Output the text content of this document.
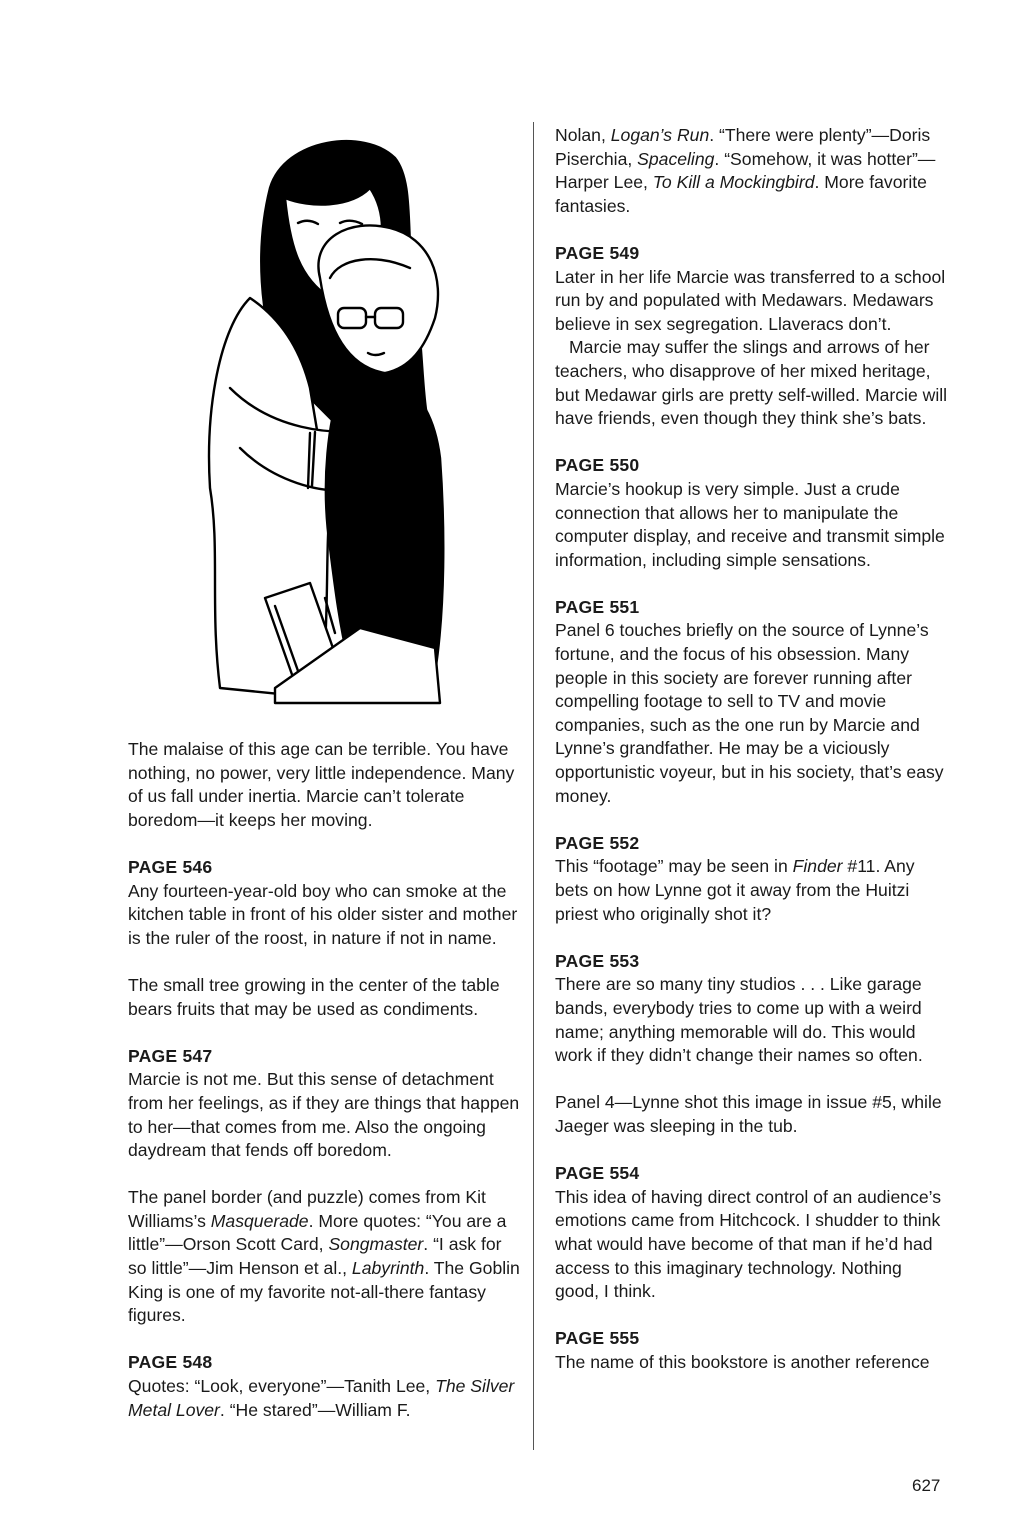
The malaise of this age can be terrible. You have nothing, no power, very little independence. Many of us fall under inertia. Marcie can’t tolerate boredom—it keeps her moving.

PAGE 546

Any fourteen-year-old boy who can smoke at the kitchen table in front of his older sister and mother is the ruler of the roost, in nature if not in name.

The small tree growing in the center of the table bears fruits that may be used as condiments.

PAGE 547

Marcie is not me. But this sense of detachment from her feelings, as if they are things that happen to her—that comes from me. Also the ongoing daydream that fends off boredom.

The panel border (and puzzle) comes from Kit Williams’s Masquerade. More quotes: “You are a little”—Orson Scott Card, Songmaster. “I ask for so little”—Jim Henson et al., Labyrinth. The Goblin King is one of my favorite not-all-there fantasy figures.

PAGE 548

Quotes: “Look, everyone”—Tanith Lee, The Silver Metal Lover. “He stared”—William F.

Nolan, Logan’s Run. “There were plenty”—Doris Piserchia, Spaceling. “Somehow, it was hotter”—Harper Lee, To Kill a Mockingbird. More favorite fantasies.

PAGE 549

Later in her life Marcie was transferred to a school run by and populated with Medawars. Medawars believe in sex segregation. Llaveracs don’t.

Marcie may suffer the slings and arrows of her teachers, who disapprove of her mixed heritage, but Medawar girls are pretty self-willed. Marcie will have friends, even though they think she’s bats.

PAGE 550

Marcie’s hookup is very simple. Just a crude connection that allows her to manipulate the computer display, and receive and transmit simple information, including simple sensations.

PAGE 551

Panel 6 touches briefly on the source of Lynne’s fortune, and the focus of his obsession. Many people in this society are forever running after compelling footage to sell to TV and movie companies, such as the one run by Marcie and Lynne’s grandfather. He may be a viciously opportunistic voyeur, but in his society, that’s easy money.

PAGE 552

This “footage” may be seen in Finder #11. Any bets on how Lynne got it away from the Huitzi priest who originally shot it?

PAGE 553

There are so many tiny studios . . . Like garage bands, everybody tries to come up with a weird name; anything memorable will do. This would work if they didn’t change their names so often.

Panel 4—Lynne shot this image in issue #5, while Jaeger was sleeping in the tub.

PAGE 554

This idea of having direct control of an audience’s emotions came from Hitchcock. I shudder to think what would have become of that man if he’d had access to this imaginary technology. Nothing good, I think.

PAGE 555

The name of this bookstore is another reference

627
